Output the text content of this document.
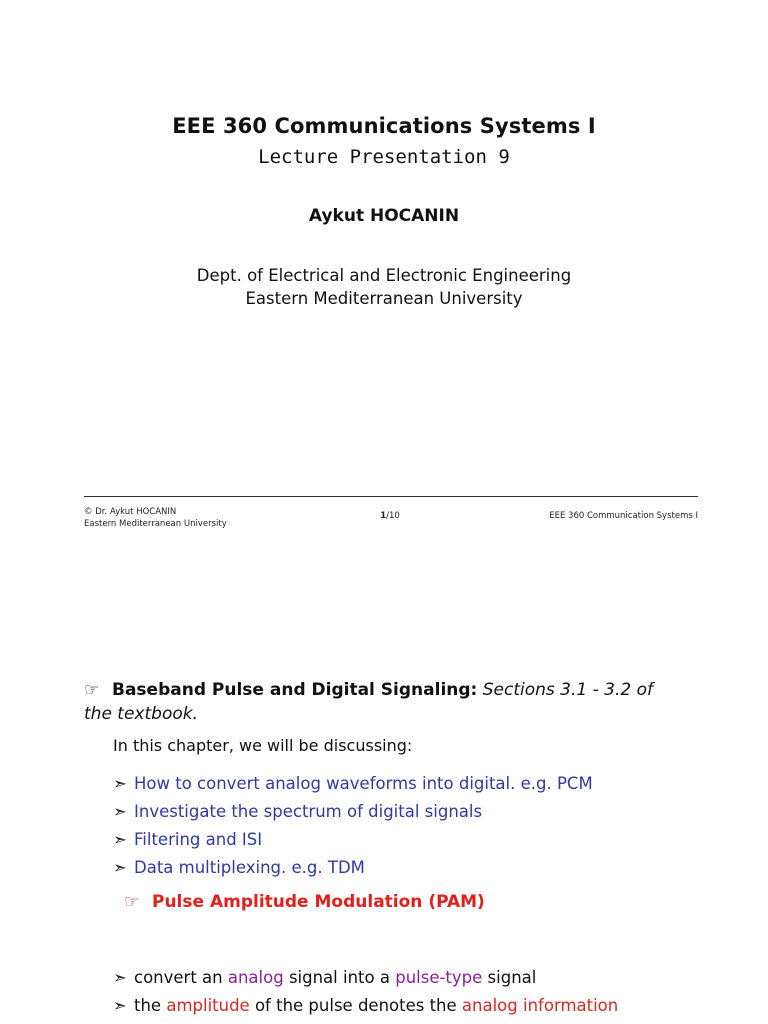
EEE 360 Communications Systems I
Lecture Presentation 9
Aykut HOCANIN
Dept. of Electrical and Electronic Engineering
Eastern Mediterranean University
© Dr. Aykut HOCANIN
Eastern Mediterranean University
1/10	EEE 360 Communication Systems I
☞ Baseband Pulse and Digital Signaling: Sections 3.1 - 3.2 of the textbook.
In this chapter, we will be discussing:
➣ How to convert analog waveforms into digital. e.g. PCM
➣ Investigate the spectrum of digital signals
➣ Filtering and ISI
➣ Data multiplexing. e.g. TDM
☞ Pulse Amplitude Modulation (PAM)
➣ convert an analog signal into a pulse-type signal
➣ the amplitude of the pulse denotes the analog information
